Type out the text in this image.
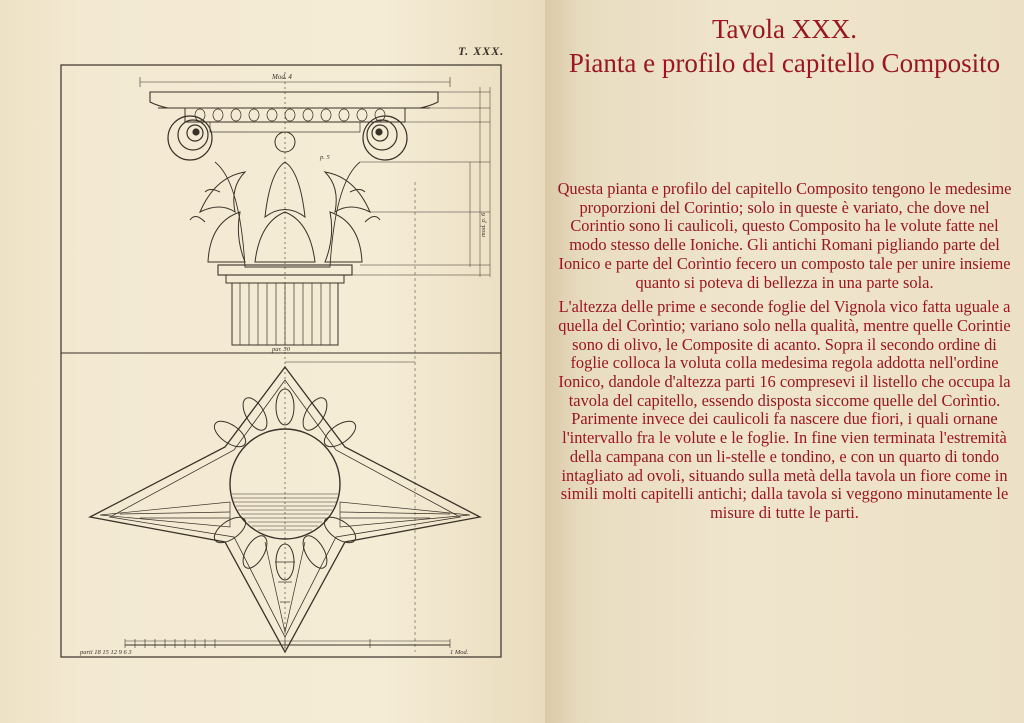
T. XXX.
Mod. 4
p. 5
par. 30
parti 18 15 12 9 6 3	1 Mod.
mod. p. 6
Tavola XXX.
Pianta e profilo del capitello Composito

Questa pianta e profilo del capitello Composito tengono le medesime proporzioni del Corintio; solo in queste è variato, che dove nel Corintio sono li caulicoli, questo Composito ha le volute fatte nel modo stesso delle Ioniche. Gli antichi Romani pigliando parte del Ionico e parte del Corìntio fecero un composto tale per unire insieme quanto si poteva di bellezza in una parte sola.

L'altezza delle prime e seconde foglie del Vignola vico fatta uguale a quella del Corìntio; variano solo nella qualità, mentre quelle Corintie sono di olivo, le Composite di acanto. Sopra il secondo ordine di foglie colloca la voluta colla medesima regola addotta nell'ordine Ionico, dandole d'altezza parti 16 compresevi il listello che occupa la tavola del capitello, essendo disposta siccome quelle del Corìntio. Parimente invece dei caulicoli fa nascere due fiori, i quali ornane l'intervallo fra le volute e le foglie. In fine vien terminata l'estremità della campana con un li-stelle e tondino, e con un quarto di tondo intagliato ad ovoli, situando sulla metà della tavola un fiore come in simili molti capitelli antichi; dalla tavola si veggono minutamente le misure di tutte le parti.
